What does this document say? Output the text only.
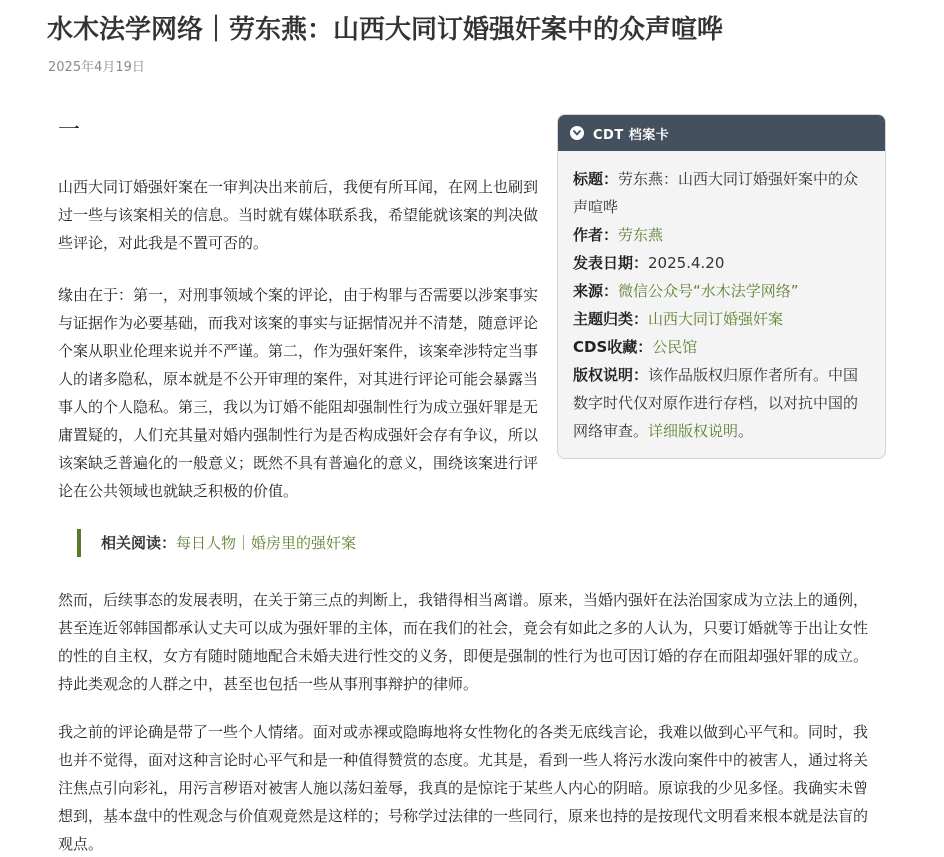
水木法学网络｜劳东燕：山西大同订婚强奸案中的众声喧哗
2025年4月19日
一

山西大同订婚强奸案在一审判决出来前后，我便有所耳闻，在网上也刷到过一些与该案相关的信息。当时就有媒体联系我，希望能就该案的判决做些评论，对此我是不置可否的。

缘由在于：第一，对刑事领域个案的评论，由于构罪与否需要以涉案事实与证据作为必要基础，而我对该案的事实与证据情况并不清楚，随意评论个案从职业伦理来说并不严谨。第二，作为强奸案件，该案牵涉特定当事人的诸多隐私，原本就是不公开审理的案件，对其进行评论可能会暴露当事人的个人隐私。第三，我以为订婚不能阻却强制性行为成立强奸罪是无庸置疑的，人们充其量对婚内强制性行为是否构成强奸会存有争议，所以该案缺乏普遍化的一般意义；既然不具有普遍化的意义，围绕该案进行评论在公共领域也就缺乏积极的价值。

相关阅读：每日人物｜婚房里的强奸案

然而，后续事态的发展表明，在关于第三点的判断上，我错得相当离谱。原来，当婚内强奸在法治国家成为立法上的通例，甚至连近邻韩国都承认丈夫可以成为强奸罪的主体，而在我们的社会，竟会有如此之多的人认为，只要订婚就等于出让女性的性的自主权，女方有随时随地配合未婚夫进行性交的义务，即便是强制的性行为也可因订婚的存在而阻却强奸罪的成立。持此类观念的人群之中，甚至也包括一些从事刑事辩护的律师。

我之前的评论确是带了一些个人情绪。面对或赤裸或隐晦地将女性物化的各类无底线言论，我难以做到心平气和。同时，我也并不觉得，面对这种言论时心平气和是一种值得赞赏的态度。尤其是，看到一些人将污水泼向案件中的被害人，通过将关注焦点引向彩礼，用污言秽语对被害人施以荡妇羞辱，我真的是惊诧于某些人内心的阴暗。原谅我的少见多怪。我确实未曾想到，基本盘中的性观念与价值观竟然是这样的；号称学过法律的一些同行，原来也持的是按现代文明看来根本就是法盲的观点。

CDT 档案卡

标题：劳东燕：山西大同订婚强奸案中的众声喧哗

作者：劳东燕

发表日期：2025.4.20

来源：微信公众号“水木法学网络”

主题归类：山西大同订婚强奸案

CDS收藏：公民馆

版权说明：该作品版权归原作者所有。中国数字时代仅对原作进行存档，以对抗中国的网络审查。详细版权说明。
